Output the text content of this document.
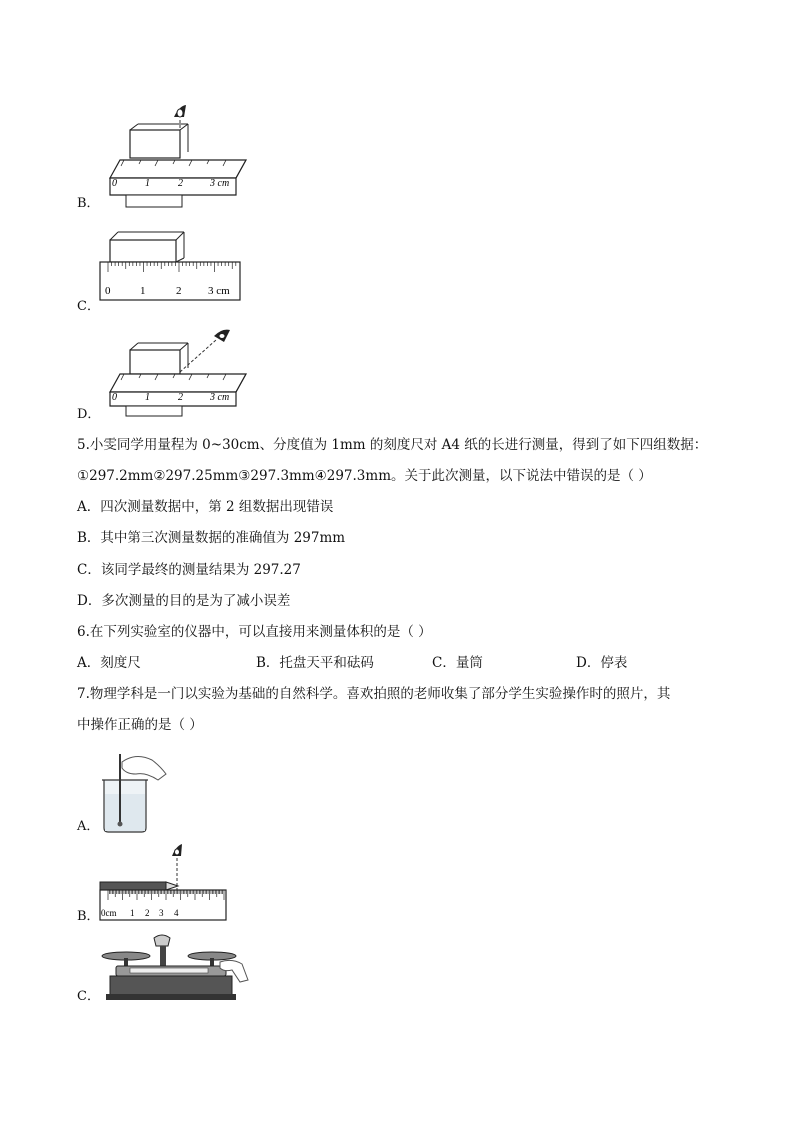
0	1	2	3 cm
B．
0	1	2 3 cm
C．
0	1	2	3 cm
D．
5.小雯同学用量程为 0~30cm、分度值为 1mm 的刻度尺对 A4 纸的长进行测量，得到了如下四组数据：
①297.2mm②297.25mm③297.3mm④297.3mm。关于此次测量，以下说法中错误的是（ ）
A．四次测量数据中，第 2 组数据出现错误
B．其中第三次测量数据的准确值为 297mm
C．该同学最终的测量结果为 297.27
D．多次测量的目的是为了减小误差
6.在下列实验室的仪器中，可以直接用来测量体积的是（ ）
A．刻度尺	B．托盘天平和砝码	C．量筒	D．停表
7.物理学科是一门以实验为基础的自然科学。喜欢拍照的老师收集了部分学生实验操作时的照片，其
中操作正确的是（ ）
A．
0cm 1 2 3 4
B．
C．
